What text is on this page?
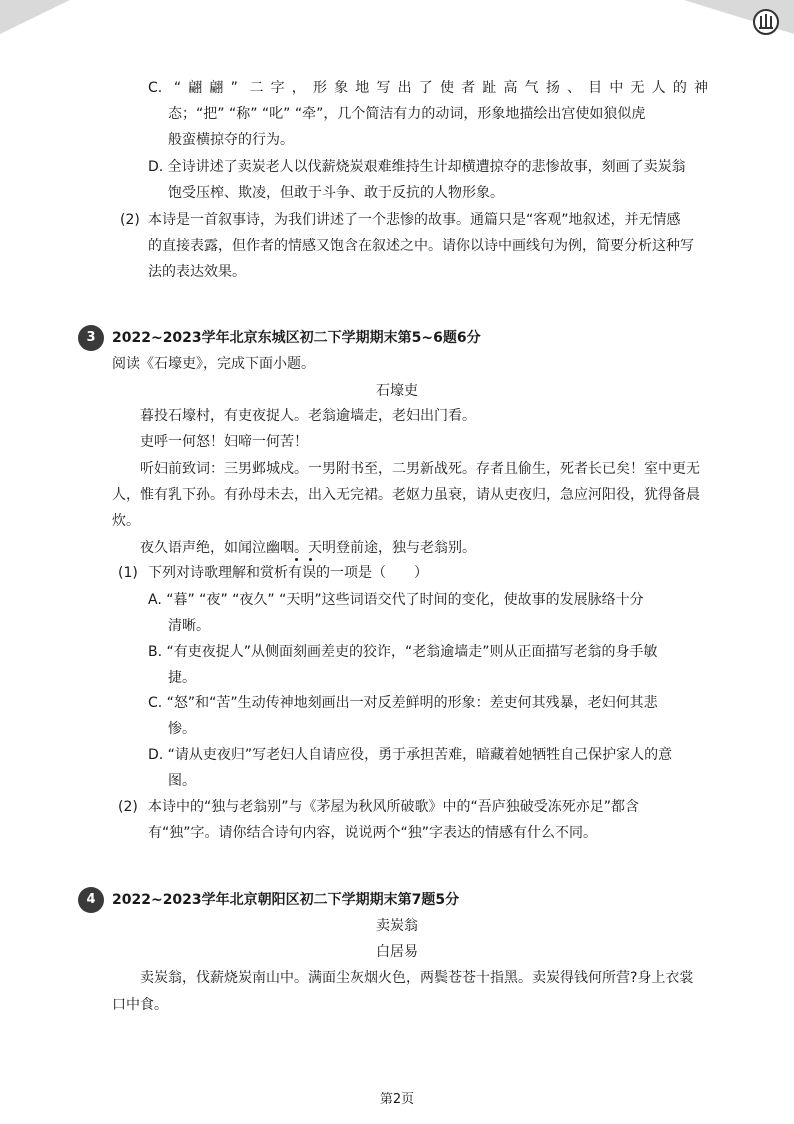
C. “翩翩” 二字，形象地写出了使者趾高气扬、目中无人的神
态；“把” “称” “叱” “牵”，几个简洁有力的动词，形象地描绘出宫使如狼似虎
般蛮横掠夺的行为。
D. 全诗讲述了卖炭老人以伐薪烧炭艰难维持生计却横遭掠夺的悲惨故事，刻画了卖炭翁
饱受压榨、欺凌，但敢于斗争、敢于反抗的人物形象。
(2) 本诗是一首叙事诗，为我们讲述了一个悲惨的故事。通篇只是“客观”地叙述，并无情感
的直接表露，但作者的情感又饱含在叙述之中。请你以诗中画线句为例，简要分析这种写
法的表达效果。
3	2022~2023学年北京东城区初二下学期期末第5~6题6分
阅读《石壕吏》，完成下面小题。
石壕吏
暮投石壕村，有吏夜捉人。老翁逾墙走，老妇出门看。
吏呼一何怒！妇啼一何苦！
听妇前致词：三男邺城戍。一男附书至，二男新战死。存者且偷生，死者长已矣！室中更无
人，惟有乳下孙。有孙母未去，出入无完裙。老妪力虽衰，请从吏夜归，急应河阳役，犹得备晨
炊。
夜久语声绝，如闻泣幽咽。天明登前途，独与老翁别。
(1) 下列对诗歌理解和赏析有误的一项是（　　）
A. “暮” “夜” “夜久” “天明”这些词语交代了时间的变化，使故事的发展脉络十分
清晰。
B. “有吏夜捉人”从侧面刻画差吏的狡诈，“老翁逾墙走”则从正面描写老翁的身手敏
捷。
C. “怒”和“苦”生动传神地刻画出一对反差鲜明的形象：差吏何其残暴，老妇何其悲
惨。
D. “请从吏夜归”写老妇人自请应役，勇于承担苦难，暗藏着她牺牲自己保护家人的意
图。
(2) 本诗中的“独与老翁别”与《茅屋为秋风所破歌》中的“吾庐独破受冻死亦足”都含
有“独”字。请你结合诗句内容，说说两个“独”字表达的情感有什么不同。
4	2022~2023学年北京朝阳区初二下学期期末第7题5分
卖炭翁
白居易
卖炭翁，伐薪烧炭南山中。满面尘灰烟火色，两鬓苍苍十指黑。卖炭得钱何所营?身上衣裳
口中食。
第2页
